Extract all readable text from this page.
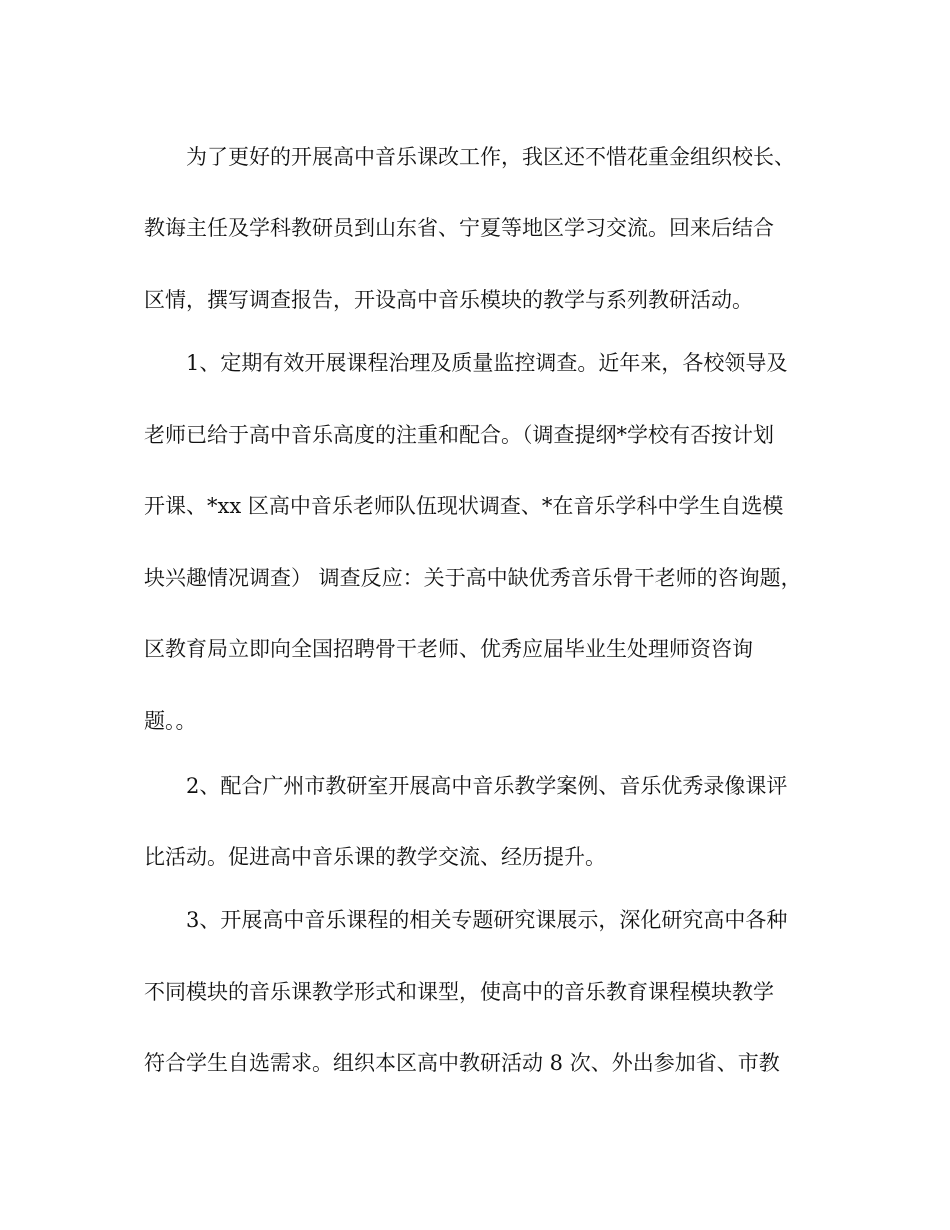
为了更好的开展高中音乐课改工作，我区还不惜花重金组织校长、

教诲主任及学科教研员到山东省、宁夏等地区学习交流。回来后结合

区情，撰写调查报告，开设高中音乐模块的教学与系列教研活动。

1、定期有效开展课程治理及质量监控调查。近年来，各校领导及

老师已给于高中音乐高度的注重和配合。（调查提纲*学校有否按计划

开课、*xx 区高中音乐老师队伍现状调查、*在音乐学科中学生自选模

块兴趣情况调查） 调查反应：关于高中缺优秀音乐骨干老师的咨询题，

区教育局立即向全国招聘骨干老师、优秀应届毕业生处理师资咨询

题。。

2、配合广州市教研室开展高中音乐教学案例、音乐优秀录像课评

比活动。促进高中音乐课的教学交流、经历提升。

3、开展高中音乐课程的相关专题研究课展示，深化研究高中各种

不同模块的音乐课教学形式和课型，使高中的音乐教育课程模块教学

符合学生自选需求。组织本区高中教研活动 8 次、外出参加省、市教
